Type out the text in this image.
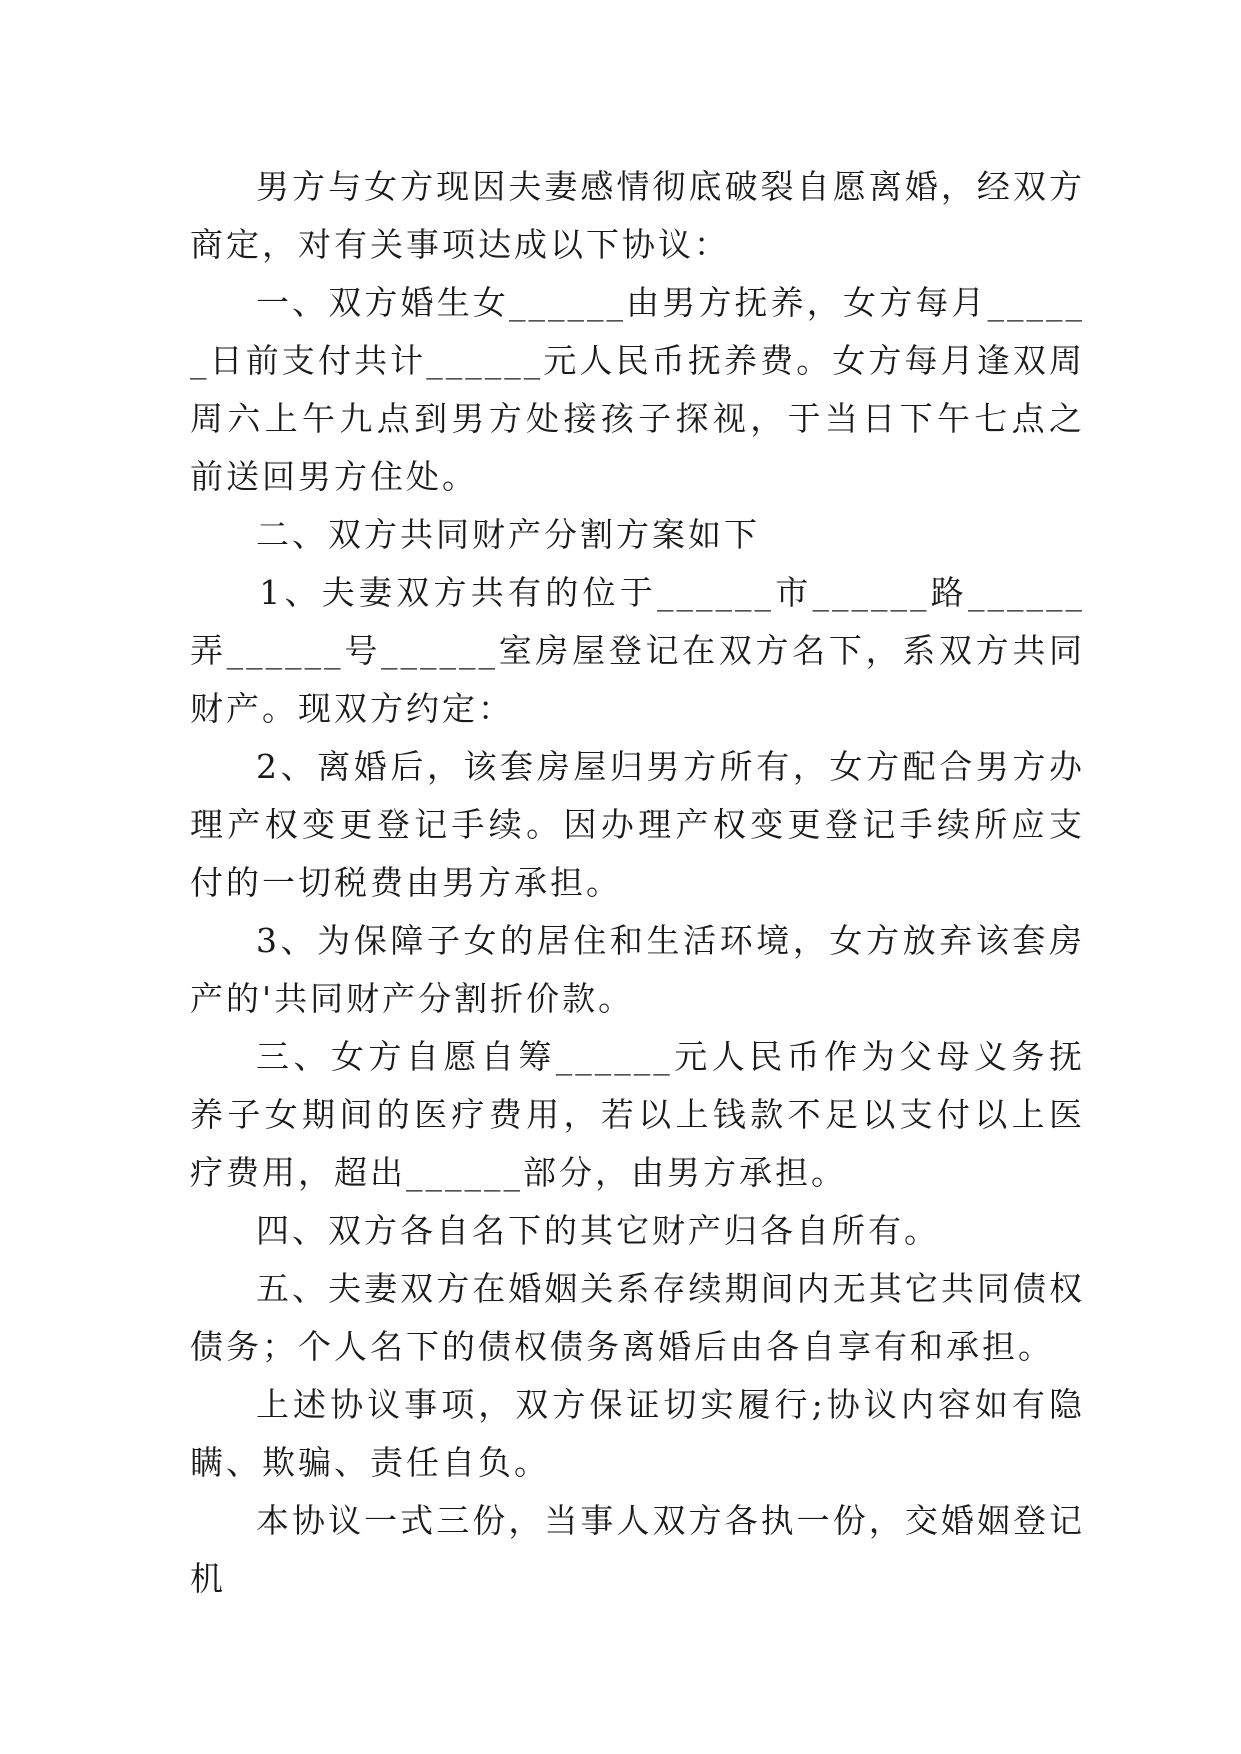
男方与女方现因夫妻感情彻底破裂自愿离婚，经双方商定，对有关事项达成以下协议：

一、双方婚生女______由男方抚养，女方每月______日前支付共计______元人民币抚养费。女方每月逢双周周六上午九点到男方处接孩子探视，于当日下午七点之前送回男方住处。

二、双方共同财产分割方案如下

1、夫妻双方共有的位于______市______路______弄______号______室房屋登记在双方名下，系双方共同财产。现双方约定：

2、离婚后，该套房屋归男方所有，女方配合男方办理产权变更登记手续。因办理产权变更登记手续所应支付的一切税费由男方承担。

3、为保障子女的居住和生活环境，女方放弃该套房产的'共同财产分割折价款。

三、女方自愿自筹______元人民币作为父母义务抚养子女期间的医疗费用，若以上钱款不足以支付以上医疗费用，超出______部分，由男方承担。

四、双方各自名下的其它财产归各自所有。

五、夫妻双方在婚姻关系存续期间内无其它共同债权债务；个人名下的债权债务离婚后由各自享有和承担。

上述协议事项，双方保证切实履行;协议内容如有隐瞒、欺骗、责任自负。

本协议一式三份，当事人双方各执一份，交婚姻登记机
